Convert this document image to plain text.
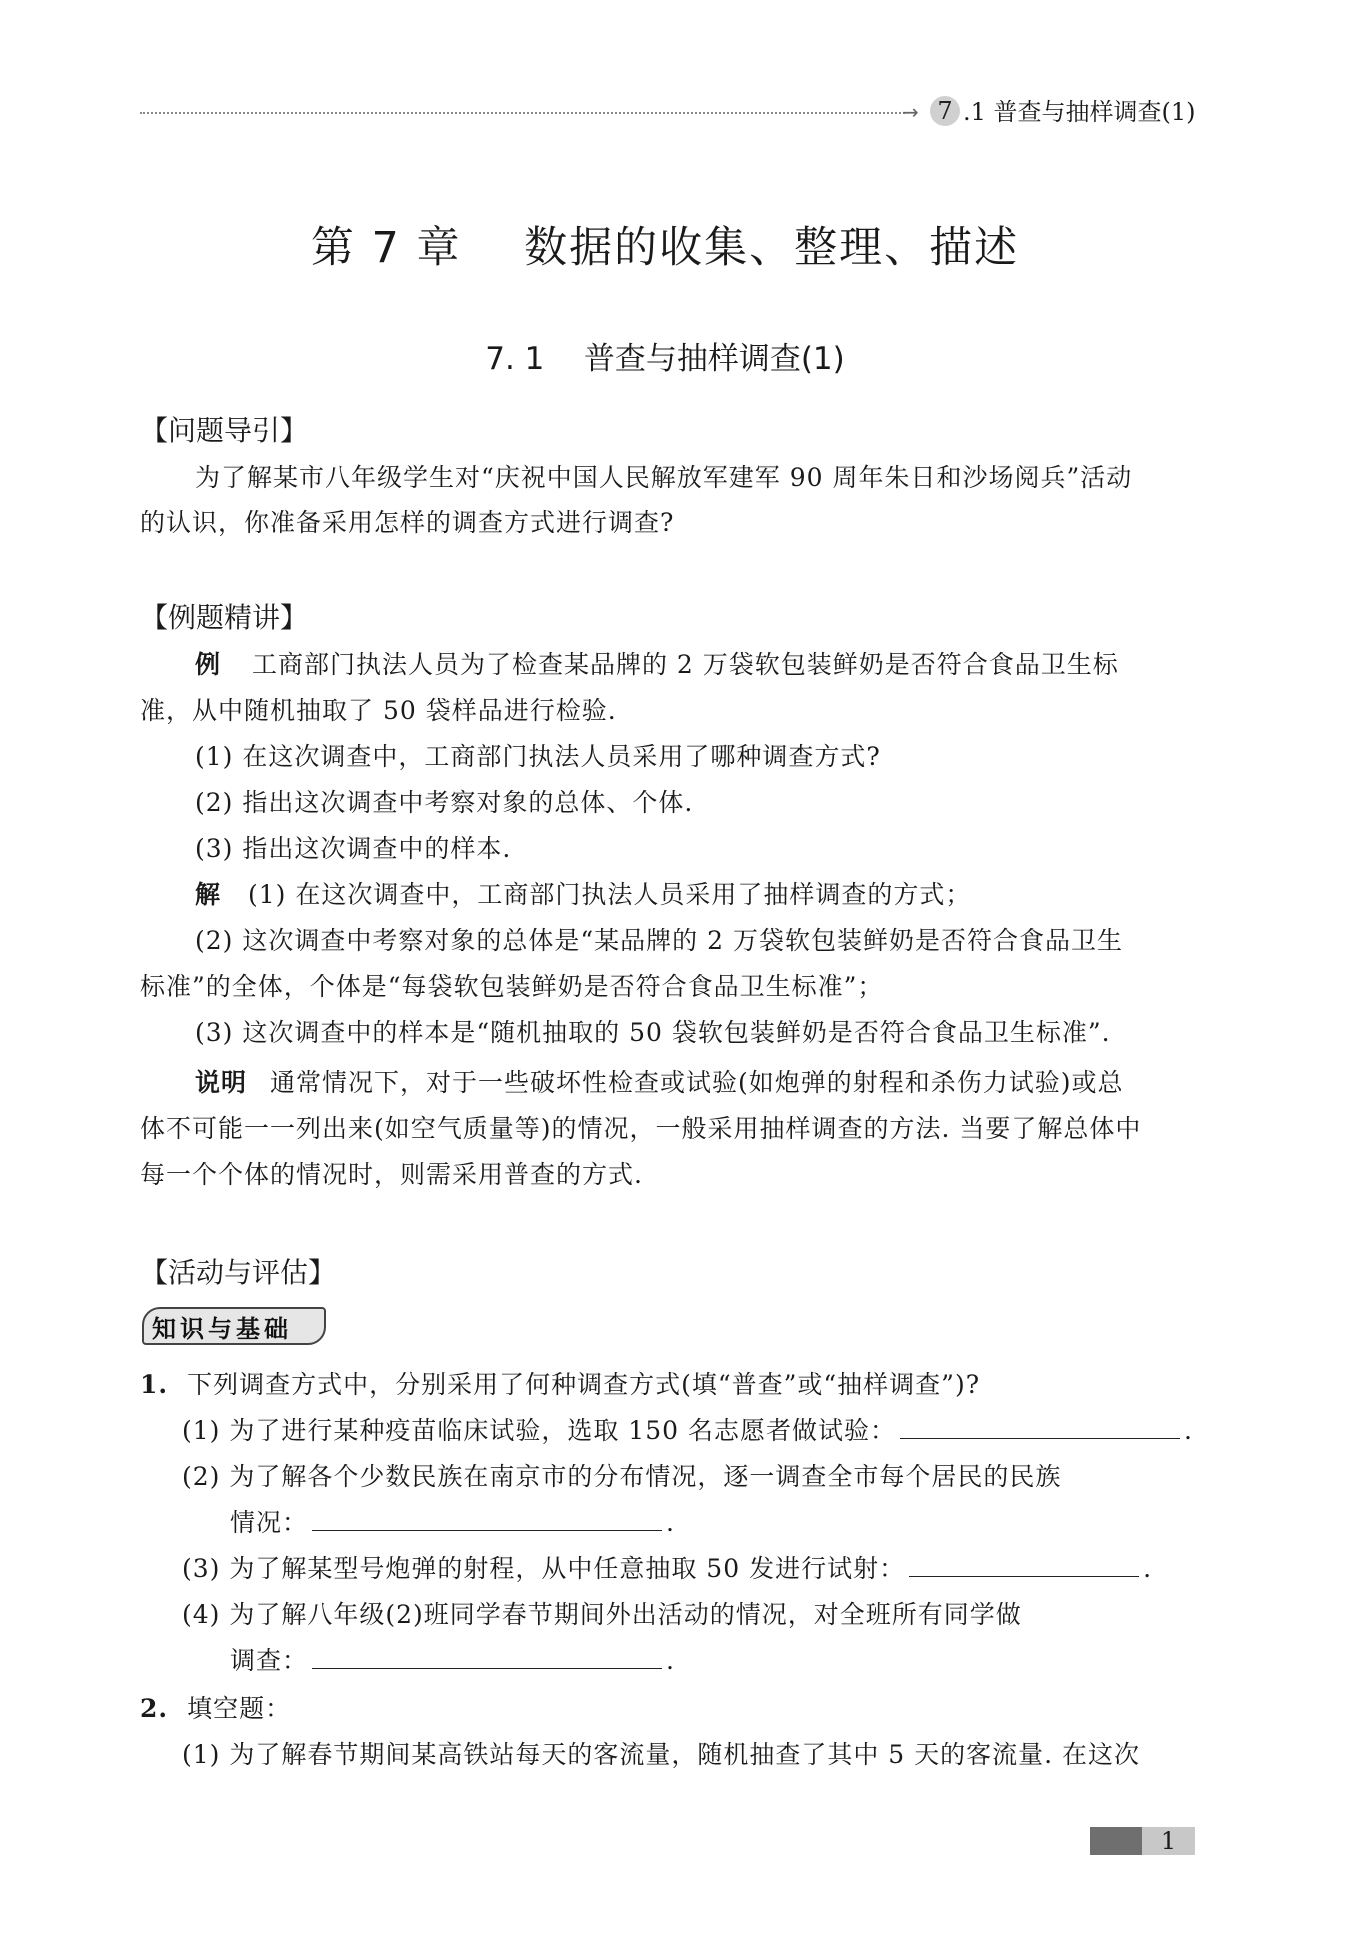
→ 7 .1 普查与抽样调查(1)
第 7 章    数据的收集、整理、描述
7. 1    普查与抽样调查(1)
【问题导引】
为了解某市八年级学生对“庆祝中国人民解放军建军 90 周年朱日和沙场阅兵”活动
的认识，你准备采用怎样的调查方式进行调查?
【例题精讲】
例 工商部门执法人员为了检查某品牌的 2 万袋软包装鲜奶是否符合食品卫生标
准，从中随机抽取了 50 袋样品进行检验.
(1) 在这次调查中，工商部门执法人员采用了哪种调查方式?
(2) 指出这次调查中考察对象的总体、个体.
(3) 指出这次调查中的样本.
解 (1) 在这次调查中，工商部门执法人员采用了抽样调查的方式；
(2) 这次调查中考察对象的总体是“某品牌的 2 万袋软包装鲜奶是否符合食品卫生
标准”的全体，个体是“每袋软包装鲜奶是否符合食品卫生标准”；
(3) 这次调查中的样本是“随机抽取的 50 袋软包装鲜奶是否符合食品卫生标准”.
说明 通常情况下，对于一些破坏性检查或试验(如炮弹的射程和杀伤力试验)或总
体不可能一一列出来(如空气质量等)的情况，一般采用抽样调查的方法. 当要了解总体中
每一个个体的情况时，则需采用普查的方式.
【活动与评估】
知识与基础
1. 下列调查方式中，分别采用了何种调查方式(填“普查”或“抽样调查”)?
(1) 为了进行某种疫苗临床试验，选取 150 名志愿者做试验：	.
(2) 为了解各个少数民族在南京市的分布情况，逐一调查全市每个居民的民族
情况：	.
(3) 为了解某型号炮弹的射程，从中任意抽取 50 发进行试射：	.
(4) 为了解八年级(2)班同学春节期间外出活动的情况，对全班所有同学做
调查：	.
2. 填空题：
(1) 为了解春节期间某高铁站每天的客流量，随机抽查了其中 5 天的客流量. 在这次
1
